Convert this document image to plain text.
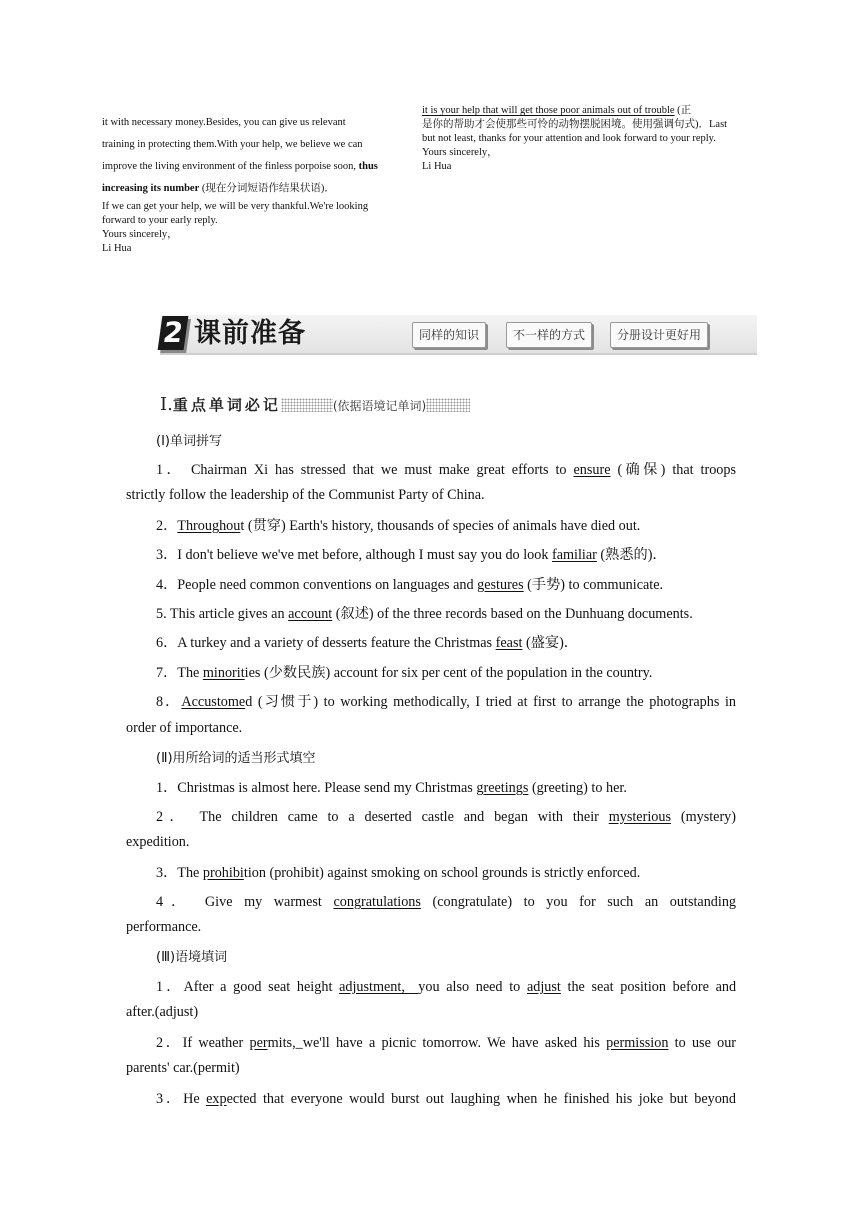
it with necessary money.Besides, you can give us relevant
training in protecting them.With your help, we believe we can
improve the living environment of the finless porpoise soon, thus
increasing its number (现在分词短语作结果状语)．
If we can get your help, we will be very thankful.We're looking
forward to your early reply.
Yours sincerely，
Li Hua
it is your help that will get those poor animals out of trouble (正
是你的帮助才会使那些可怜的动物摆脱困境。使用强调句式)．Last
but not least, thanks for your attention and look forward to your reply.
Yours sincerely，
Li Hua
2 课前准备	同样的知识	不一样的方式	分册设计更好用
Ⅰ.重点单词必记	(依据语境记单词)
(Ⅰ)单词拼写
1． Chairman Xi has stressed that we must make great efforts to ensure (确保) that troops
strictly follow the leadership of the Communist Party of China.
2．Throughout (贯穿) Earth's history, thousands of species of animals have died out.
3．I don't believe we've met before, although I must say you do look familiar (熟悉的)．
4．People need common conventions on languages and gestures (手势) to communicate.
5. This article gives an account (叙述) of the three records based on the Dunhuang documents.
6．A turkey and a variety of desserts feature the Christmas feast (盛宴)．
7．The minorities (少数民族) account for six per cent of the population in the country.
8．Accustomed (习惯于) to working methodically, I tried at first to arrange the photographs in
order of importance.
(Ⅱ)用所给词的适当形式填空
1．Christmas is almost here. Please send my Christmas greetings (greeting) to her.
2． The children came to a deserted castle and began with their mysterious (mystery)
expedition.
3．The prohibition (prohibit) against smoking on school grounds is strictly enforced.
4． Give my warmest congratulations (congratulate) to you for such an outstanding
performance.
(Ⅲ)语境填词
1．After a good seat height adjustment,  you also need to adjust the seat position before and
after.(adjust)
2．If weather permits,_we'll have a picnic tomorrow. We have asked his permission to use our
parents' car.(permit)
3．He expected that everyone would burst out laughing when he finished his joke but beyond
